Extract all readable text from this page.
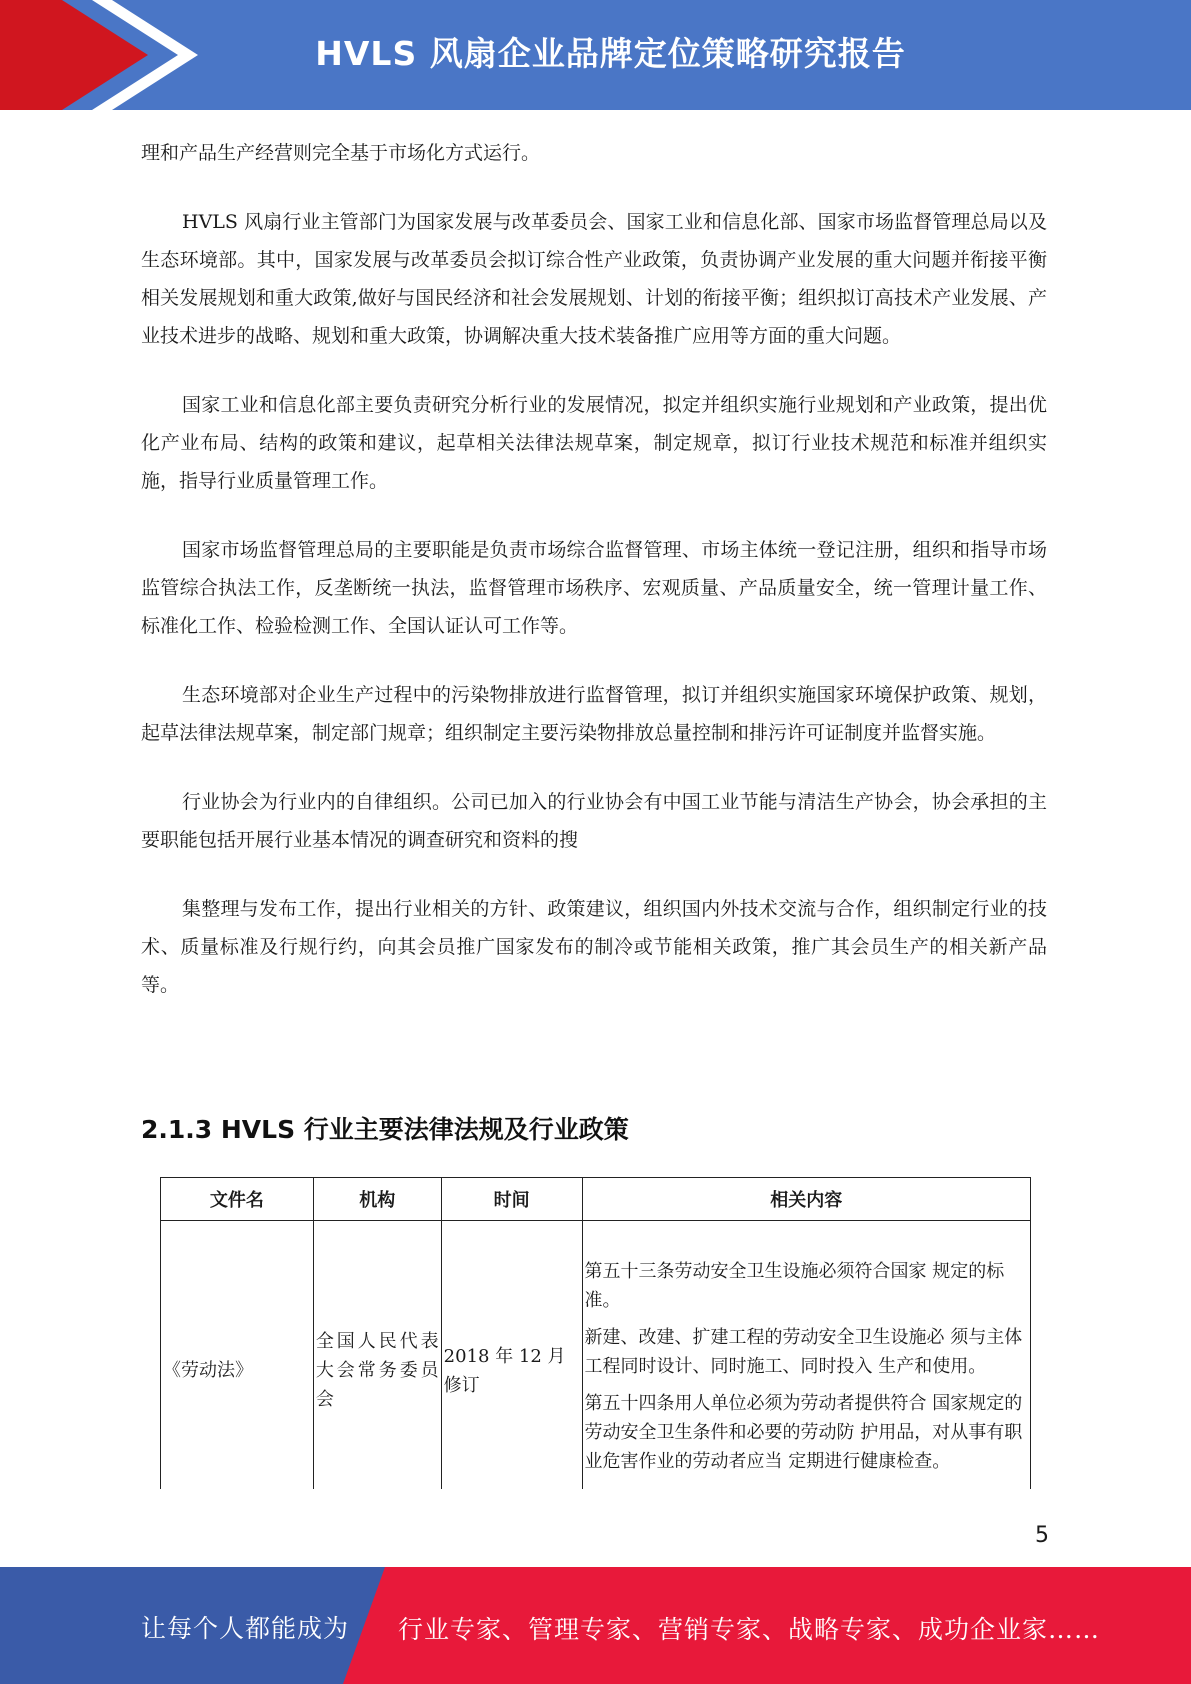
HVLS 风扇企业品牌定位策略研究报告

理和产品生产经营则完全基于市场化方式运行。

HVLS 风扇行业主管部门为国家发展与改革委员会、国家工业和信息化部、国家市场监督管理总局以及生态环境部。其中，国家发展与改革委员会拟订综合性产业政策，负责协调产业发展的重大问题并衔接平衡相关发展规划和重大政策,做好与国民经济和社会发展规划、计划的衔接平衡；组织拟订高技术产业发展、产业技术进步的战略、规划和重大政策，协调解决重大技术装备推广应用等方面的重大问题。

国家工业和信息化部主要负责研究分析行业的发展情况，拟定并组织实施行业规划和产业政策，提出优化产业布局、结构的政策和建议，起草相关法律法规草案，制定规章，拟订行业技术规范和标准并组织实施，指导行业质量管理工作。

国家市场监督管理总局的主要职能是负责市场综合监督管理、市场主体统一登记注册，组织和指导市场监管综合执法工作，反垄断统一执法，监督管理市场秩序、宏观质量、产品质量安全，统一管理计量工作、标准化工作、检验检测工作、全国认证认可工作等。

生态环境部对企业生产过程中的污染物排放进行监督管理，拟订并组织实施国家环境保护政策、规划，起草法律法规草案，制定部门规章；组织制定主要污染物排放总量控制和排污许可证制度并监督实施。

行业协会为行业内的自律组织。公司已加入的行业协会有中国工业节能与清洁生产协会，协会承担的主要职能包括开展行业基本情况的调查研究和资料的搜

集整理与发布工作，提出行业相关的方针、政策建议，组织国内外技术交流与合作，组织制定行业的技术、质量标准及行规行约，向其会员推广国家发布的制冷或节能相关政策，推广其会员生产的相关新产品等。

2.1.3 HVLS 行业主要法律法规及行业政策
文件名	机构	时间	相关内容
《劳动法》	全国人民代表大会常务委员会	2018 年 12 月修订	第五十三条劳动安全卫生设施必须符合国家 规定的标准。

新建、改建、扩建工程的劳动安全卫生设施必 须与主体工程同时设计、同时施工、同时投入 生产和使用。

第五十四条用人单位必须为劳动者提供符合 国家规定的劳动安全卫生条件和必要的劳动防 护用品，对从事有职业危害作业的劳动者应当 定期进行健康检查。

5
让每个人都能成为 行业专家、管理专家、营销专家、战略专家、成功企业家……
